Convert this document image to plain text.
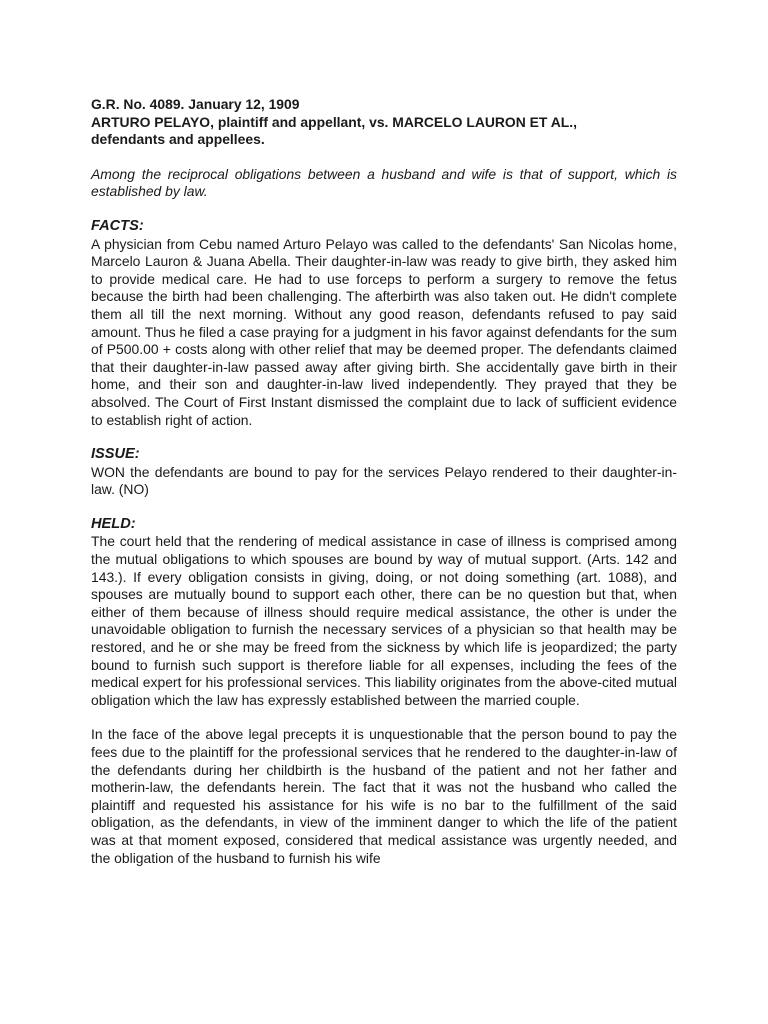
G.R. No. 4089. January 12, 1909

ARTURO PELAYO, plaintiff and appellant, vs. MARCELO LAURON ET AL.,

defendants and appellees.

Among the reciprocal obligations between a husband and wife is that of support, which is established by law.

FACTS:

A physician from Cebu named Arturo Pelayo was called to the defendants' San Nicolas home, Marcelo Lauron & Juana Abella. Their daughter-in-law was ready to give birth, they asked him to provide medical care. He had to use forceps to perform a surgery to remove the fetus because the birth had been challenging. The afterbirth was also taken out. He didn't complete them all till the next morning. Without any good reason, defendants refused to pay said amount. Thus he filed a case praying for a judgment in his favor against defendants for the sum of P500.00 + costs along with other relief that may be deemed proper. The defendants claimed that their daughter-in-law passed away after giving birth. She accidentally gave birth in their home, and their son and daughter-in-law lived independently. They prayed that they be absolved. The Court of First Instant dismissed the complaint due to lack of sufficient evidence to establish right of action.

ISSUE:

WON the defendants are bound to pay for the services Pelayo rendered to their daughter-in-law. (NO)

HELD:

The court held that the rendering of medical assistance in case of illness is comprised among the mutual obligations to which spouses are bound by way of mutual support. (Arts. 142 and 143.). If every obligation consists in giving, doing, or not doing something (art. 1088), and spouses are mutually bound to support each other, there can be no question but that, when either of them because of illness should require medical assistance, the other is under the unavoidable obligation to furnish the necessary services of a physician so that health may be restored, and he or she may be freed from the sickness by which life is jeopardized; the party bound to furnish such support is therefore liable for all expenses, including the fees of the medical expert for his professional services. This liability originates from the above-cited mutual obligation which the law has expressly established between the married couple.

In the face of the above legal precepts it is unquestionable that the person bound to pay the fees due to the plaintiff for the professional services that he rendered to the daughter-in-law of the defendants during her childbirth is the husband of the patient and not her father and motherin-law, the defendants herein. The fact that it was not the husband who called the plaintiff and requested his assistance for his wife is no bar to the fulfillment of the said obligation, as the defendants, in view of the imminent danger to which the life of the patient was at that moment exposed, considered that medical assistance was urgently needed, and the obligation of the husband to furnish his wife
